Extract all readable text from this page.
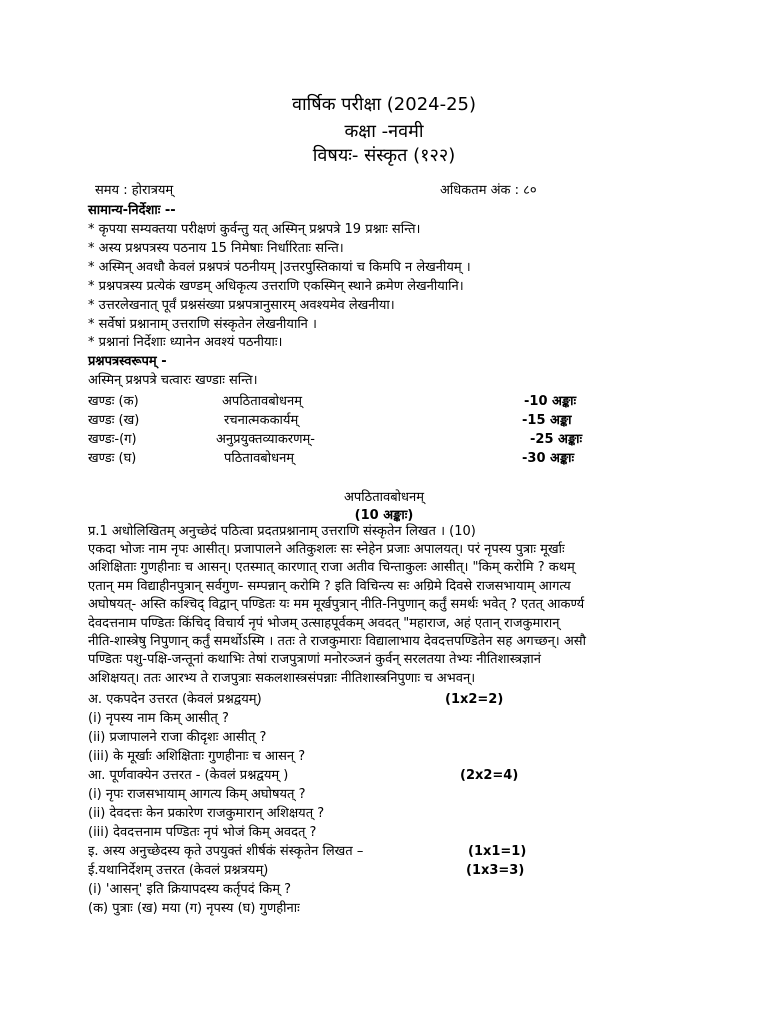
वार्षिक परीक्षा (2024-25)
कक्षा -नवमी
विषयः- संस्कृत (१२२)
समय : होरात्रयम्	अधिकतम अंक : ८०
सामान्य-निर्देशाः --
* कृपया सम्यक्तया परीक्षणं कुर्वन्तु यत् अस्मिन् प्रश्नपत्रे 19 प्रश्नाः सन्ति।
* अस्य प्रश्नपत्रस्य पठनाय 15 निमेषाः निर्धारिताः सन्ति।
* अस्मिन् अवधौ केवलं प्रश्नपत्रं पठनीयम् |उत्तरपुस्तिकायां च किमपि न लेखनीयम् ।
* प्रश्नपत्रस्य प्रत्येकं खण्डम् अधिकृत्य उत्तराणि एकस्मिन् स्थाने क्रमेण लेखनीयानि।
* उत्तरलेखनात् पूर्वं प्रश्नसंख्या प्रश्नपत्रानुसारम् अवश्यमेव लेखनीया।
* सर्वेषां प्रश्नानाम् उत्तराणि संस्कृतेन लेखनीयानि ।
* प्रश्नानां निर्देशाः ध्यानेन अवश्यं पठनीयाः।
प्रश्नपत्रस्वरूपम् -
अस्मिन् प्रश्नपत्रे चत्वारः खण्डाः सन्ति।
खण्डः (क)	अपठितावबोधनम्	-10 अङ्काः
खण्डः (ख)	रचनात्मककार्यम्	-15 अङ्का
खण्डः-(ग)	अनुप्रयुक्तव्याकरणम्-	-25 अङ्काः
खण्डः (घ)	पठितावबोधनम्	-30 अङ्काः
अपठितावबोधनम्
(10 अङ्काः)
प्र.1 अधोलिखितम् अनुच्छेदं पठित्वा प्रदतप्रश्नानाम् उत्तराणि संस्कृतेन लिखत । (10)
एकदा भोजः नाम नृपः आसीत्। प्रजापालने अतिकुशलः सः स्नेहेन प्रजाः अपालयत्। परं नृपस्य पुत्राः मूर्खाः
अशिक्षिताः गुणहीनाः च आसन्। एतस्मात् कारणात् राजा अतीव चिन्ताकुलः आसीत्। "किम् करोमि ? कथम्
एतान् मम विद्याहीनपुत्रान् सर्वगुण- सम्पन्नान् करोमि ? इति विचिन्त्य सः अग्रिमे दिवसे राजसभायाम् आगत्य
अघोषयत्- अस्ति कश्चिद् विद्वान् पण्डितः यः मम मूर्खपुत्रान् नीति-निपुणान् कर्तुं समर्थः भवेत् ? एतत् आकर्ण्य
देवदत्तनाम पण्डितः किंचिद् विचार्य नृपं भोजम् उत्साहपूर्वकम् अवदत् "महाराज, अहं एतान् राजकुमारान्
नीति-शास्त्रेषु निपुणान् कर्तुं समर्थोऽस्मि । ततः ते राजकुमाराः विद्यालाभाय देवदत्तपण्डितेन सह अगच्छन्। असौ
पण्डितः पशु-पक्षि-जन्तूनां कथाभिः तेषां राजपुत्राणां मनोरञ्जनं कुर्वन् सरलतया तेभ्यः नीतिशास्त्रज्ञानं
अशिक्षयत्। ततः आरभ्य ते राजपुत्राः सकलशास्त्रसंपन्नाः नीतिशास्त्रनिपुणाः च अभवन्।
अ. एकपदेन उत्तरत (केवलं प्रश्नद्वयम्)	(1x2=2)
(i) नृपस्य नाम किम् आसीत् ?
(ii) प्रजापालने राजा कीदृशः आसीत् ?
(iii) के मूर्खाः अशिक्षिताः गुणहीनाः च आसन् ?
आ. पूर्णवाक्येन उत्तरत - (केवलं प्रश्नद्वयम् )	(2x2=4)
(i) नृपः राजसभायाम् आगत्य किम् अघोषयत् ?
(ii) देवदत्तः केन प्रकारेण राजकुमारान् अशिक्षयत् ?
(iii) देवदत्तनाम पण्डितः नृपं भोजं किम् अवदत् ?
इ. अस्य अनुच्छेदस्य कृते उपयुक्तं शीर्षकं संस्कृतेन लिखत –	(1x1=1)
ई.यथानिर्देशम् उत्तरत (केवलं प्रश्नत्रयम्)	(1x3=3)
(i) 'आसन्' इति क्रियापदस्य कर्तृपदं किम् ?
(क) पुत्राः (ख) मया (ग) नृपस्य (घ) गुणहीनाः
